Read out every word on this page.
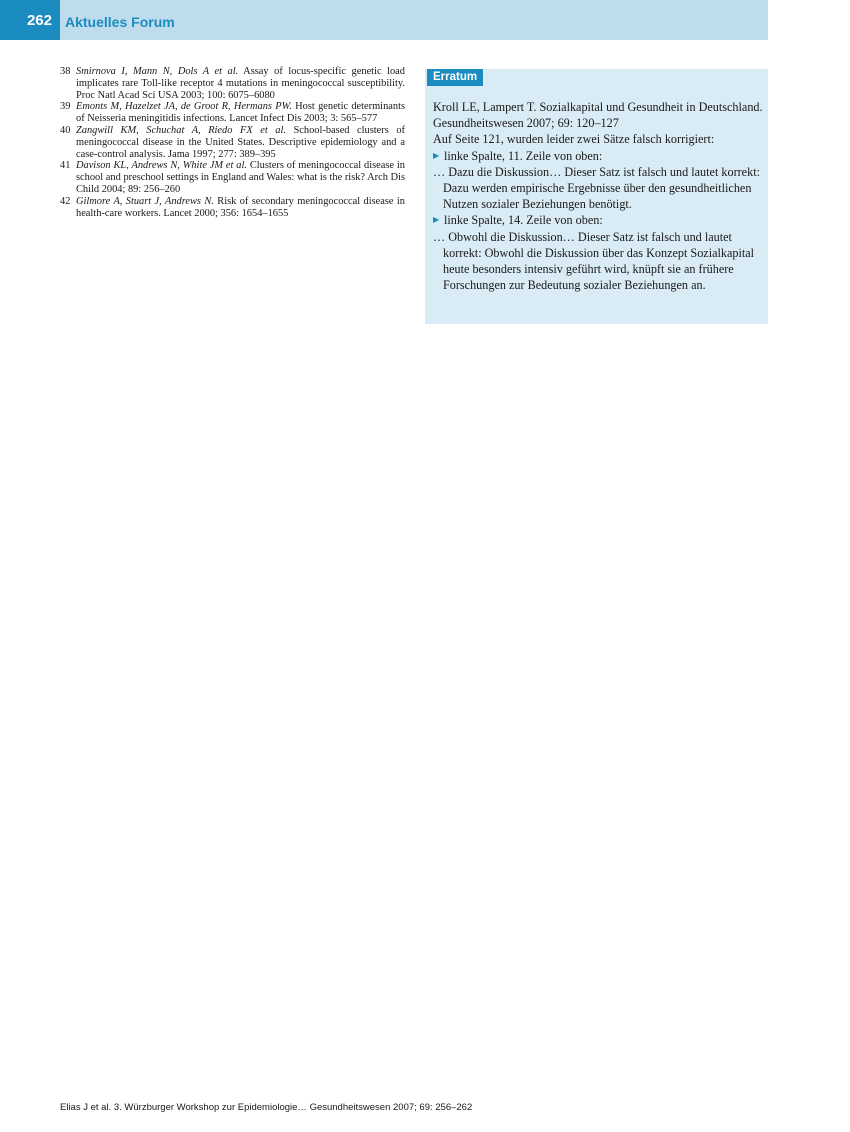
262 Aktuelles Forum
38 Smirnova I, Mann N, Dols A et al. Assay of locus-specific genetic load implicates rare Toll-like receptor 4 mutations in meningococcal susceptibility. Proc Natl Acad Sci USA 2003; 100: 6075–6080
39 Emonts M, Hazelzet JA, de Groot R, Hermans PW. Host genetic determinants of Neisseria meningitidis infections. Lancet Infect Dis 2003; 3: 565–577
40 Zangwill KM, Schuchat A, Riedo FX et al. School-based clusters of meningococcal disease in the United States. Descriptive epidemiology and a case-control analysis. Jama 1997; 277: 389–395
41 Davison KL, Andrews N, White JM et al. Clusters of meningococcal disease in school and preschool settings in England and Wales: what is the risk? Arch Dis Child 2004; 89: 256–260
42 Gilmore A, Stuart J, Andrews N. Risk of secondary meningococcal disease in health-care workers. Lancet 2000; 356: 1654–1655
Erratum

Kroll LE, Lampert T. Sozialkapital und Gesundheit in Deutschland. Gesundheitswesen 2007; 69: 120–127

Auf Seite 121, wurden leider zwei Sätze falsch korrigiert:

▶ linke Spalte, 11. Zeile von oben:

… Dazu die Diskussion… Dieser Satz ist falsch und lautet korrekt: Dazu werden empirische Ergebnisse über den gesundheitlichen Nutzen sozialer Beziehungen benötigt.

▶ linke Spalte, 14. Zeile von oben:

… Obwohl die Diskussion… Dieser Satz ist falsch und lautet korrekt: Obwohl die Diskussion über das Konzept Sozialkapital heute besonders intensiv geführt wird, knüpft sie an frühere Forschungen zur Bedeutung sozialer Beziehungen an.

Elias J et al. 3. Würzburger Workshop zur Epidemiologie… Gesundheitswesen 2007; 69: 256–262
